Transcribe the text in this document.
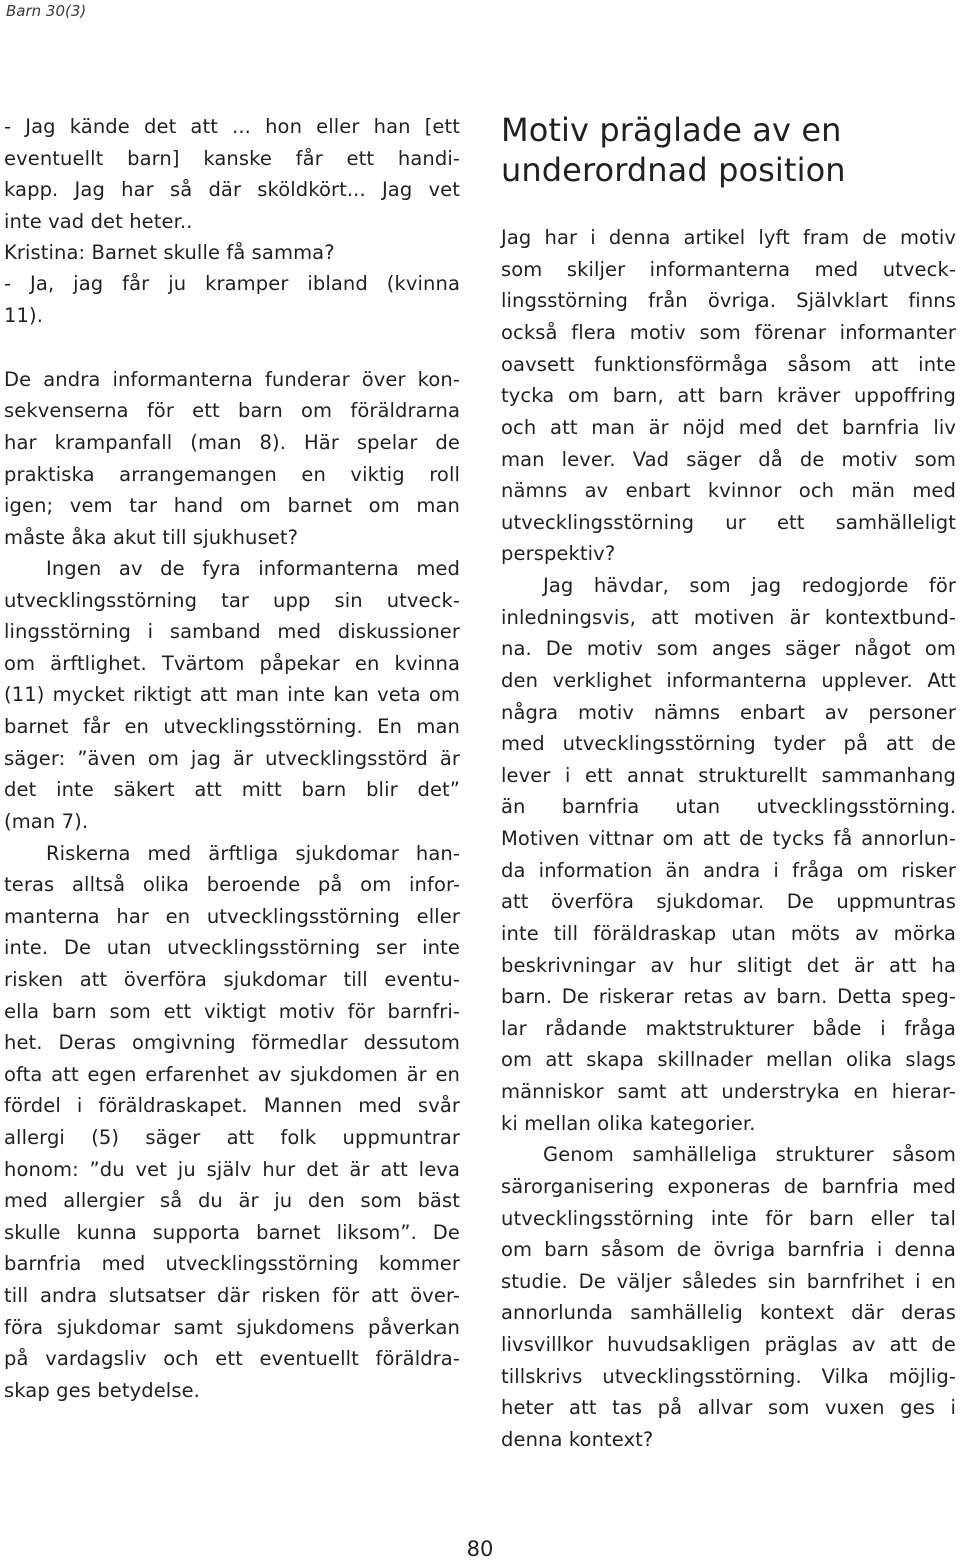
Barn 30(3)

- Jag kände det att ... hon eller han [ett
eventuellt barn] kanske får ett handi-
kapp. Jag har så där sköldkört... Jag vet
inte vad det heter..
Kristina: Barnet skulle få samma?
- Ja, jag får ju kramper ibland (kvinna
11).
De andra informanterna funderar över kon-
sekvenserna för ett barn om föräldrarna
har krampanfall (man 8). Här spelar de
praktiska arrangemangen en viktig roll
igen; vem tar hand om barnet om man
måste åka akut till sjukhuset?
Ingen av de fyra informanterna med
utvecklingsstörning tar upp sin utveck-
lingsstörning i samband med diskussioner
om ärftlighet. Tvärtom påpekar en kvinna
(11) mycket riktigt att man inte kan veta om
barnet får en utvecklingsstörning. En man
säger: ”även om jag är utvecklingsstörd är
det inte säkert att mitt barn blir det”
(man 7).
Riskerna med ärftliga sjukdomar han-
teras alltså olika beroende på om infor-
manterna har en utvecklingsstörning eller
inte. De utan utvecklingsstörning ser inte
risken att överföra sjukdomar till eventu-
ella barn som ett viktigt motiv för barnfri-
het. Deras omgivning förmedlar dessutom
ofta att egen erfarenhet av sjukdomen är en
fördel i föräldraskapet. Mannen med svår
allergi (5) säger att folk uppmuntrar
honom: ”du vet ju själv hur det är att leva
med allergier så du är ju den som bäst
skulle kunna supporta barnet liksom”. De
barnfria med utvecklingsstörning kommer
till andra slutsatser där risken för att över-
föra sjukdomar samt sjukdomens påverkan
på vardagsliv och ett eventuellt föräldra-
skap ges betydelse.
Motiv präglade av en
underordnad position
Jag har i denna artikel lyft fram de motiv
som skiljer informanterna med utveck-
lingsstörning från övriga. Självklart finns
också flera motiv som förenar informanter
oavsett funktionsförmåga såsom att inte
tycka om barn, att barn kräver uppoffring
och att man är nöjd med det barnfria liv
man lever. Vad säger då de motiv som
nämns av enbart kvinnor och män med
utvecklingsstörning ur ett samhälleligt
perspektiv?
Jag hävdar, som jag redogjorde för
inledningsvis, att motiven är kontextbund-
na. De motiv som anges säger något om
den verklighet informanterna upplever. Att
några motiv nämns enbart av personer
med utvecklingsstörning tyder på att de
lever i ett annat strukturellt sammanhang
än barnfria utan utvecklingsstörning.
Motiven vittnar om att de tycks få annorlun-
da information än andra i fråga om risker
att överföra sjukdomar. De uppmuntras
inte till föräldraskap utan möts av mörka
beskrivningar av hur slitigt det är att ha
barn. De riskerar retas av barn. Detta speg-
lar rådande maktstrukturer både i fråga
om att skapa skillnader mellan olika slags
människor samt att understryka en hierar-
ki mellan olika kategorier.
Genom samhälleliga strukturer såsom
särorganisering exponeras de barnfria med
utvecklingsstörning inte för barn eller tal
om barn såsom de övriga barnfria i denna
studie. De väljer således sin barnfrihet i en
annorlunda samhällelig kontext där deras
livsvillkor huvudsakligen präglas av att de
tillskrivs utvecklingsstörning. Vilka möjlig-
heter att tas på allvar som vuxen ges i
denna kontext?

80
